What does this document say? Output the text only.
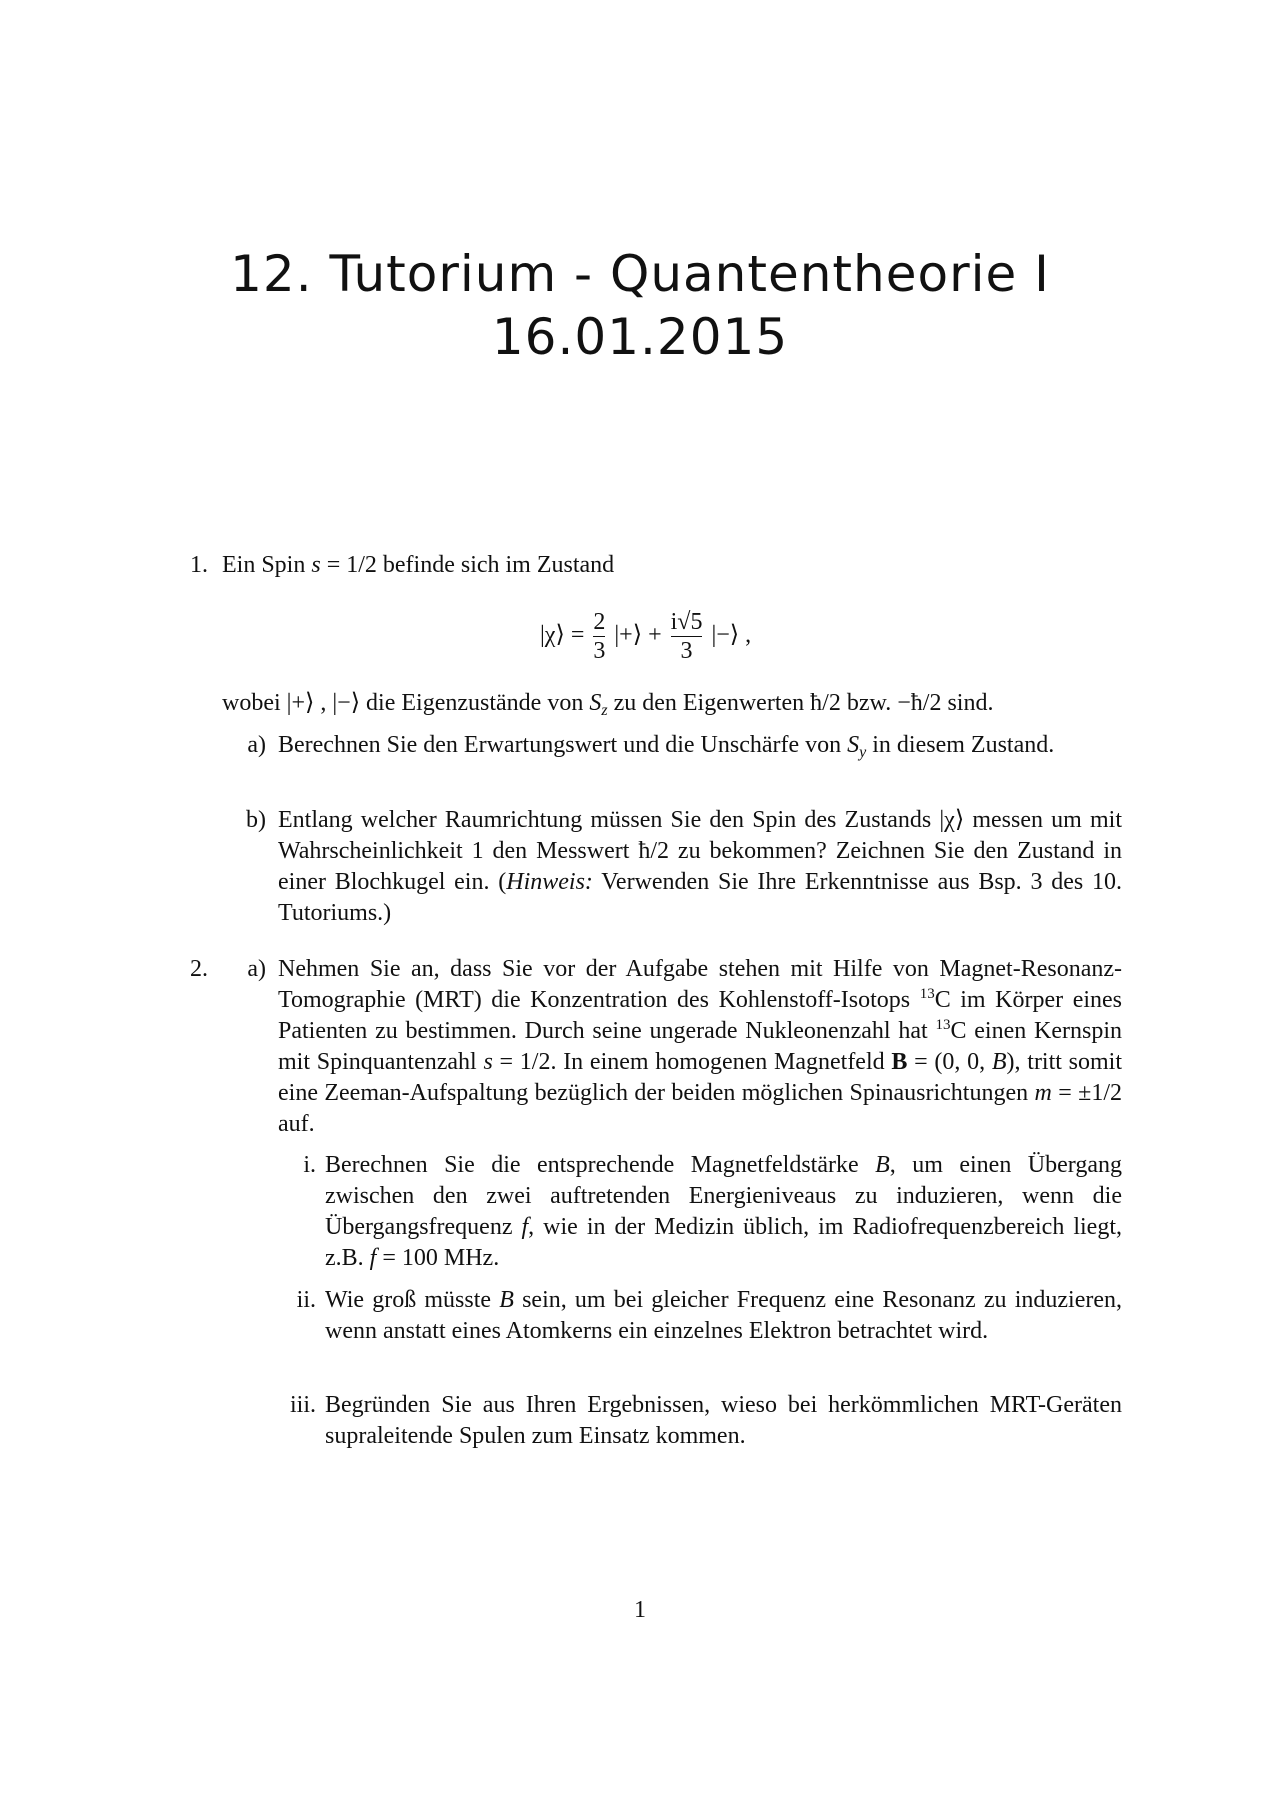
12. Tutorium - Quantentheorie I
16.01.2015
1. Ein Spin s = 1/2 befinde sich im Zustand
|χ⟩ = $\frac{2}{3}$ |+⟩ + $\frac{i√5}{3}$ |−⟩ ,
wobei |+⟩ , |−⟩ die Eigenzustände von $S_z$ zu den Eigenwerten ħ/2 bzw. −ħ/2 sind.
a) Berechnen Sie den Erwartungswert und die Unschärfe von $S_y$ in diesem Zustand.
b) Entlang welcher Raumrichtung müssen Sie den Spin des Zustands |χ⟩ messen um mit Wahrscheinlichkeit 1 den Messwert ħ/2 zu bekommen? Zeichnen Sie den Zustand in einer Blochkugel ein. (Hinweis: Verwenden Sie Ihre Erkenntnisse aus Bsp. 3 des 10. Tutoriums.)
2.	a) Nehmen Sie an, dass Sie vor der Aufgabe stehen mit Hilfe von Magnet-Resonanz-Tomographie (MRT) die Konzentration des Kohlenstoff-Isotops $^{13}$C im Körper eines Patienten zu bestimmen. Durch seine ungerade Nukleonenzahl hat $^{13}$C einen Kernspin mit Spinquantenzahl s = 1/2. In einem homogenen Magnetfeld B = (0, 0, B), tritt somit eine Zeeman-Aufspaltung bezüglich der beiden möglichen Spinausrichtungen m = ±1/2 auf.
i. Berechnen Sie die entsprechende Magnetfeldstärke B, um einen Übergang zwischen den zwei auftretenden Energieniveaus zu induzieren, wenn die Übergangsfrequenz f, wie in der Medizin üblich, im Radiofrequenzbereich liegt, z.B. f = 100 MHz.
ii. Wie groß müsste B sein, um bei gleicher Frequenz eine Resonanz zu induzieren, wenn anstatt eines Atomkerns ein einzelnes Elektron betrachtet wird.
iii. Begründen Sie aus Ihren Ergebnissen, wieso bei herkömmlichen MRT-Geräten supraleitende Spulen zum Einsatz kommen.
1
